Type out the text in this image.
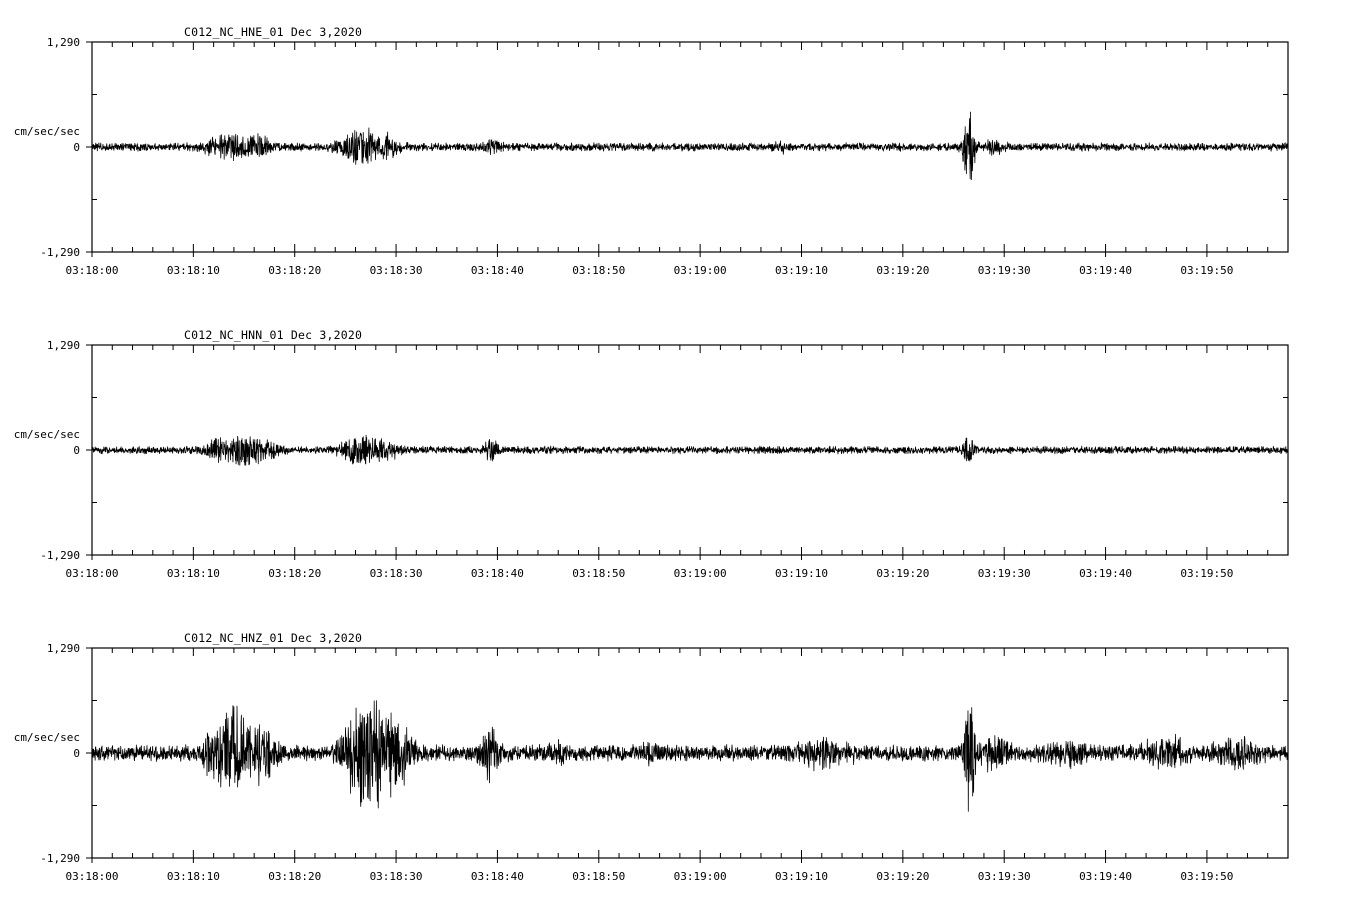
1,290
0
-1,290
cm/sec/sec
03:18:00	03:18:10	03:18:20	03:18:30	03:18:40	03:18:50	03:19:00	03:19:10	03:19:20	03:19:30	03:19:40	03:19:50
C012_NC_HNE_01 Dec 3,2020
1,290
0
-1,290
cm/sec/sec
03:18:00	03:18:10	03:18:20	03:18:30	03:18:40	03:18:50	03:19:00	03:19:10	03:19:20	03:19:30	03:19:40	03:19:50
C012_NC_HNN_01 Dec 3,2020
1,290
0
-1,290
cm/sec/sec
03:18:00	03:18:10	03:18:20	03:18:30	03:18:40	03:18:50	03:19:00	03:19:10	03:19:20	03:19:30	03:19:40	03:19:50
C012_NC_HNZ_01 Dec 3,2020
